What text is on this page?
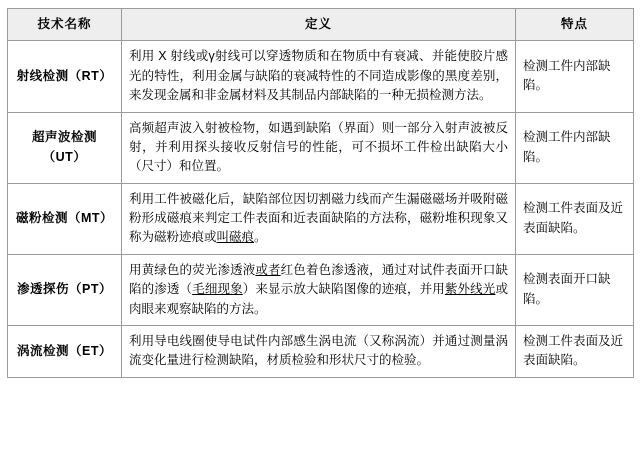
技术名称	定义	特点
射线检测（RT）	利用 X 射线或γ射线可以穿透物质和在物质中有衰减、并能使胶片感光的特性，利用金属与缺陷的衰减特性的不同造成影像的黑度差别，来发现金属和非金属材料及其制品内部缺陷的一种无损检测方法。	检测工件内部缺陷。
超声波检测（UT）	高频超声波入射被检物，如遇到缺陷（界面）则一部分入射声波被反射，并利用探头接收反射信号的性能，可不损坏工件检出缺陷大小（尺寸）和位置。	检测工件内部缺陷。
磁粉检测（MT）	利用工件被磁化后，缺陷部位因切割磁力线而产生漏磁磁场并吸附磁粉形成磁痕来判定工件表面和近表面缺陷的方法称，磁粉堆积现象又称为磁粉迹痕或叫磁痕。	检测工件表面及近表面缺陷。
渗透探伤（PT）	用黄绿色的荧光渗透液或者红色着色渗透液，通过对试件表面开口缺陷的渗透（毛细现象）来显示放大缺陷图像的迹痕，并用紫外线光或肉眼来观察缺陷的方法。	检测表面开口缺陷。
涡流检测（ET）	利用导电线圈使导电试件内部感生涡电流（又称涡流）并通过测量涡流变化量进行检测缺陷，材质检验和形状尺寸的检验。	检测工件表面及近表面缺陷。
